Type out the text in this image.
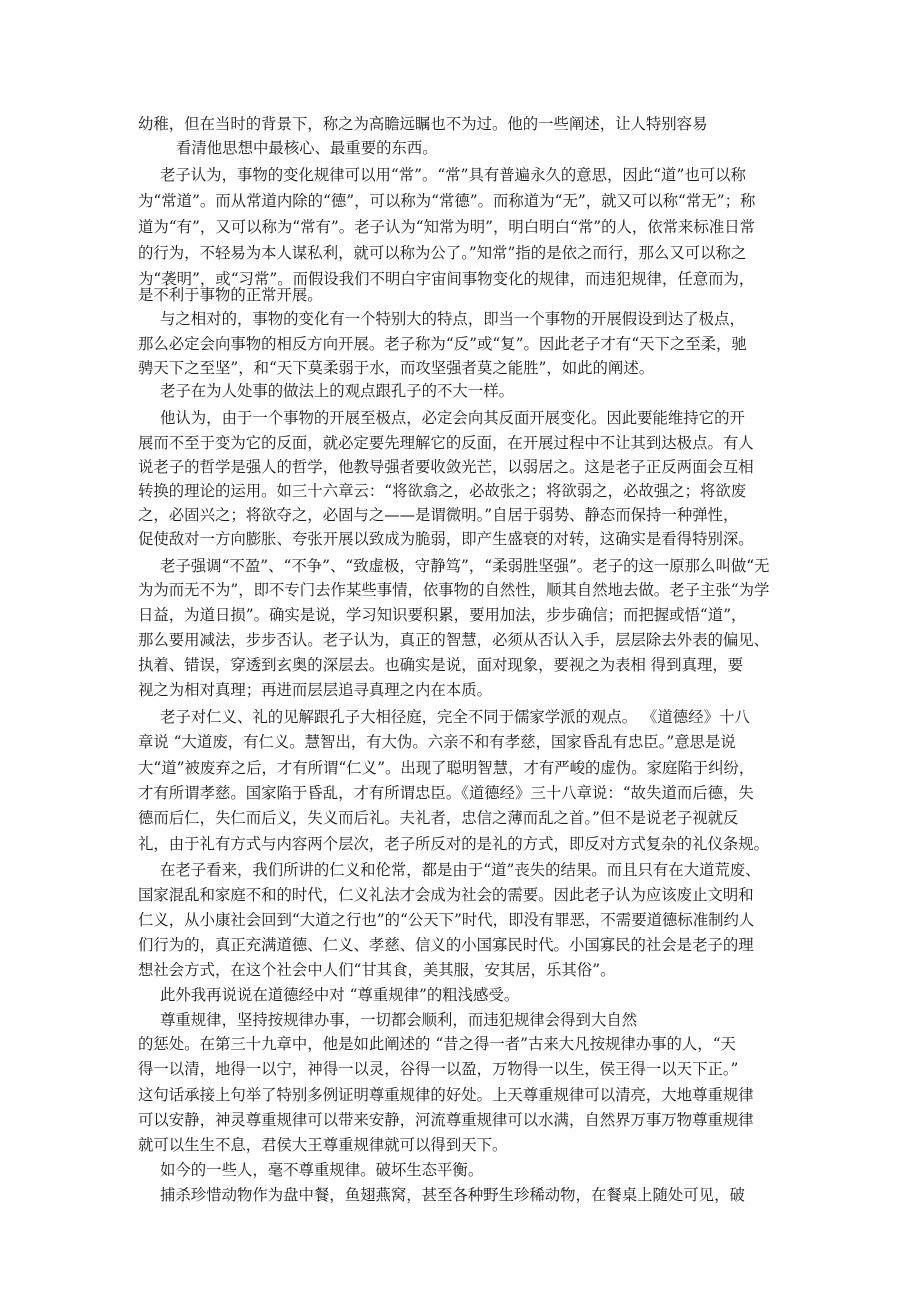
幼稚，但在当时的背景下，称之为高瞻远瞩也不为过。他的一些阐述，让人特别容易
看清他思想中最核心、最重要的东西。
老子认为，事物的变化规律可以用“常”。“常”具有普遍永久的意思，因此“道”也可以称
为“常道”。而从常道内除的“德”，可以称为“常德”。而称道为“无”，就又可以称“常无”；称
道为“有”，又可以称为“常有”。老子认为“知常为明”，明白明白“常”的人，依常来标准日常
的行为，不轻易为本人谋私利，就可以称为公了。”知常”指的是依之而行，那么又可以称之
为“袭明”，或“习常”。而假设我们不明白宇宙间事物变化的规律，而违犯规律，任意而为，
是不利于事物的正常开展。
与之相对的，事物的变化有一个特别大的特点，即当一个事物的开展假设到达了极点，
那么必定会向事物的相反方向开展。老子称为“反”或“复”。因此老子才有“天下之至柔，驰
骋天下之至坚”，和“天下莫柔弱于水，而攻坚强者莫之能胜”，如此的阐述。
老子在为人处事的做法上的观点跟孔子的不大一样。
他认为，由于一个事物的开展至极点，必定会向其反面开展变化。因此要能维持它的开
展而不至于变为它的反面，就必定要先理解它的反面，在开展过程中不让其到达极点。有人
说老子的哲学是强人的哲学，他教导强者要收敛光芒，以弱居之。这是老子正反两面会互相
转换的理论的运用。如三十六章云：“将欲翕之，必故张之；将欲弱之，必故强之；将欲废
之，必固兴之；将欲夺之，必固与之——是谓微明。”自居于弱势、静态而保持一种弹性，
促使敌对一方向膨胀、夸张开展以致成为脆弱，即产生盛衰的对转，这确实是看得特别深。
老子强调“不盈”、“不争”、“致虚极，守静笃”，“柔弱胜坚强”。老子的这一原那么叫做“无
为为而无不为”，即不专门去作某些事情，依事物的自然性，顺其自然地去做。老子主张“为学
日益，为道日损”。确实是说，学习知识要积累，要用加法，步步确信；而把握或悟“道”，
那么要用减法，步步否认。老子认为，真正的智慧，必须从否认入手，层层除去外表的偏见、
执着、错误，穿透到玄奥的深层去。也确实是说，面对现象，要视之为表相 得到真理，要
视之为相对真理；再进而层层追寻真理之内在本质。
老子对仁义、礼的见解跟孔子大相径庭，完全不同于儒家学派的观点。 《道德经》十八
章说 “大道废，有仁义。慧智出，有大伪。六亲不和有孝慈，国家昏乱有忠臣。”意思是说
大“道”被废弃之后，才有所谓“仁义”。出现了聪明智慧，才有严峻的虚伪。家庭陷于纠纷，
才有所谓孝慈。国家陷于昏乱，才有所谓忠臣。《道德经》三十八章说：“故失道而后德，失
德而后仁，失仁而后义，失义而后礼。夫礼者，忠信之薄而乱之首。”但不是说老子视就反
礼，由于礼有方式与内容两个层次，老子所反对的是礼的方式，即反对方式复杂的礼仪条规。
在老子看来，我们所讲的仁义和伦常，都是由于“道”丧失的结果。而且只有在大道荒废、
国家混乱和家庭不和的时代，仁义礼法才会成为社会的需要。因此老子认为应该废止文明和
仁义，从小康社会回到“大道之行也”的“公天下”时代，即没有罪恶，不需要道德标准制约人
们行为的，真正充满道德、仁义、孝慈、信义的小国寡民时代。小国寡民的社会是老子的理
想社会方式，在这个社会中人们“甘其食，美其服，安其居，乐其俗”。
此外我再说说在道德经中对 “尊重规律”的粗浅感受。
尊重规律，坚持按规律办事，一切都会顺利，而违犯规律会得到大自然
的惩处。在第三十九章中，他是如此阐述的 “昔之得一者”古来大凡按规律办事的人，“天
得一以清，地得一以宁，神得一以灵，谷得一以盈，万物得一以生，侯王得一以天下正。”
这句话承接上句举了特别多例证明尊重规律的好处。上天尊重规律可以清亮，大地尊重规律
可以安静，神灵尊重规律可以带来安静，河流尊重规律可以水满，自然界万事万物尊重规律
就可以生生不息，君侯大王尊重规律就可以得到天下。
如今的一些人，毫不尊重规律。破坏生态平衡。
捕杀珍惜动物作为盘中餐，鱼翅燕窝，甚至各种野生珍稀动物，在餐桌上随处可见，破
